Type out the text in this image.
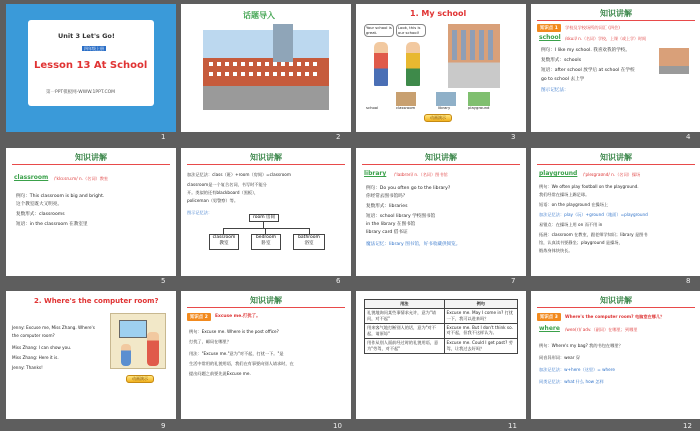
Unit 3 Let's Go!
四年级上册
Lesson 13 At School
第一PPT模板网-WWW.1PPT.COM
1
话题导入
2
1. My school
Your school is great.
Look, this is our school!
school	classroom	library	playground
动画演示
3
知识讲解
知识点 1	学校及学校场所的词汇 (四会)
school /skuːl/ n.（名词）学校，上课（或上学）时间
例句：I like my school. 我喜欢我的学校。
复数形式：schools
短语：after school 放学后 at school 在学校
go to school 去上学
图示记忆法：
4
知识讲解
classroom /ˈklɑːsruːm/ n.（名词）教室
例句：This classroom is big and bright.
这个教室既大又明亮。
复数形式：classrooms
短语：in the classroom 在教室里
5
知识讲解
加法记忆法：class（班）+room（房间）=classroom
classroom是一个复合名词，书写时不能分
开。类似的还有blackboard（黑板），
policeman（男警察）等。
图示记忆法：
room 房间
classroom
教室
bedroom
卧室
bathroom
浴室
6
知识讲解
library /ˈlaɪbrəri/ n.（名词）图书馆
例句：Do you often go to the library?
你经常去图书馆吗？
复数形式：libraries
短语：school library 学校图书馆
in the library 在图书馆
library card 借书证
魔法记忆：library 图书馆，好书收藏供阅览。
7
知识讲解
playground /ˈpleɪɡraʊnd/ n.（名词）操场
例句：We often play football on the playground.
我们经常在操场上踢足球。
短语：on the playground 在操场上
加法记忆法：play（玩）+ground（地面）=playground
易错点：在操场上用 on 而不用 in
拓展：classroom 在教室，跟老师学知识；library 是图书
馆，认真读书要静坐；playground 是操场，
锻炼身体快快长。
8
2. Where's the computer room?
Jenny: Excuse me, Miss Zhang. Where's
the computer room?
Miss Zhang: I can show you.
Miss Zhang: Here it is.
Jenny: Thanks!
动画演示
9
知识讲解
知识点 2	Excuse me.打扰了。
例句：Excuse me. Where is the post office?
打扰了，邮局在哪里？
用法："Excuse me."意为"对不起，打扰一下。"是
生活中常用的礼貌用语，我们在有事要向别人请求时，在
提出问题之前要先说Excuse me.
10
用法	例句
礼貌地询问某些事情求允许，意为"请问，对不起"	Excuse me. May I come in? 打扰一下，我可以进来吗？
用来客气地打断别人的话，意为"对不起，请原谅"	Excuse me. But I don't think so. 对不起，但我不这样认为。
用作从别人面前经过时的礼貌用语，意为"劳驾，对不起"	Excuse me. Could I get past? 劳驾，让我过去好吗？
11
知识讲解
知识点 3	Where's the computer room? 电脑室在哪儿？
where /weə(r)/ adv.（副词）在哪里；到哪里
例句：Where's my bag? 我的书包在哪里？
同音异形词：wear 穿
加法记忆法：w+here（这里）= where
同类记忆法：what 什么 how 怎样
12
